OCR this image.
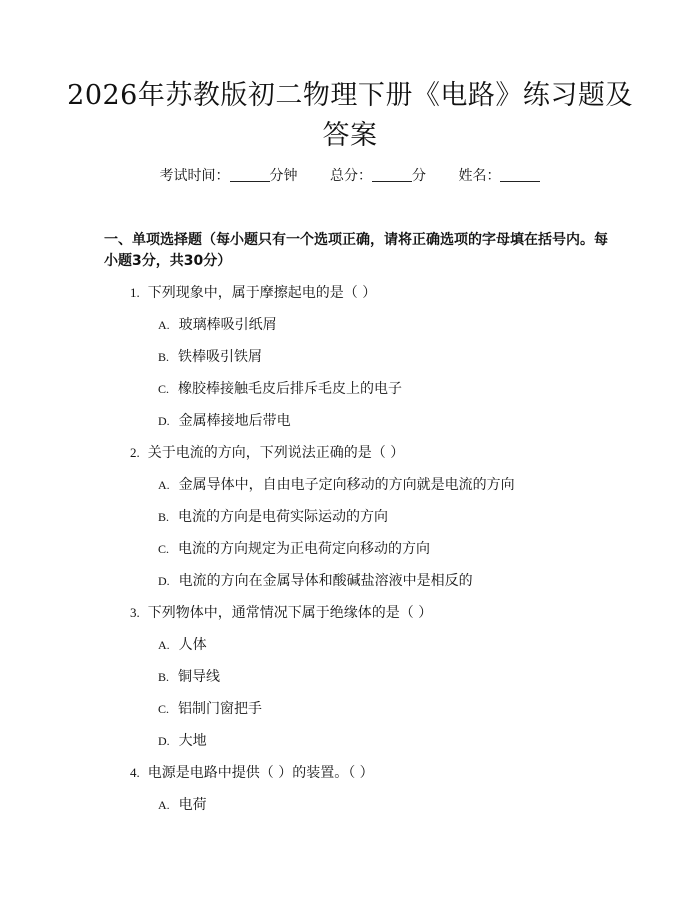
2026年苏教版初二物理下册《电路》练习题及答案
考试时间：	分钟 总分：	分 姓名：
一、单项选择题（每小题只有一个选项正确，请将正确选项的字母填在括号内。每小题3分，共30分）
1. 下列现象中，属于摩擦起电的是（ ）
A. 玻璃棒吸引纸屑
B. 铁棒吸引铁屑
C. 橡胶棒接触毛皮后排斥毛皮上的电子
D. 金属棒接地后带电
2. 关于电流的方向，下列说法正确的是（ ）
A. 金属导体中，自由电子定向移动的方向就是电流的方向
B. 电流的方向是电荷实际运动的方向
C. 电流的方向规定为正电荷定向移动的方向
D. 电流的方向在金属导体和酸碱盐溶液中是相反的
3. 下列物体中，通常情况下属于绝缘体的是（ ）
A. 人体
B. 铜导线
C. 铝制门窗把手
D. 大地
4. 电源是电路中提供（ ）的装置。（ ）
A. 电荷
